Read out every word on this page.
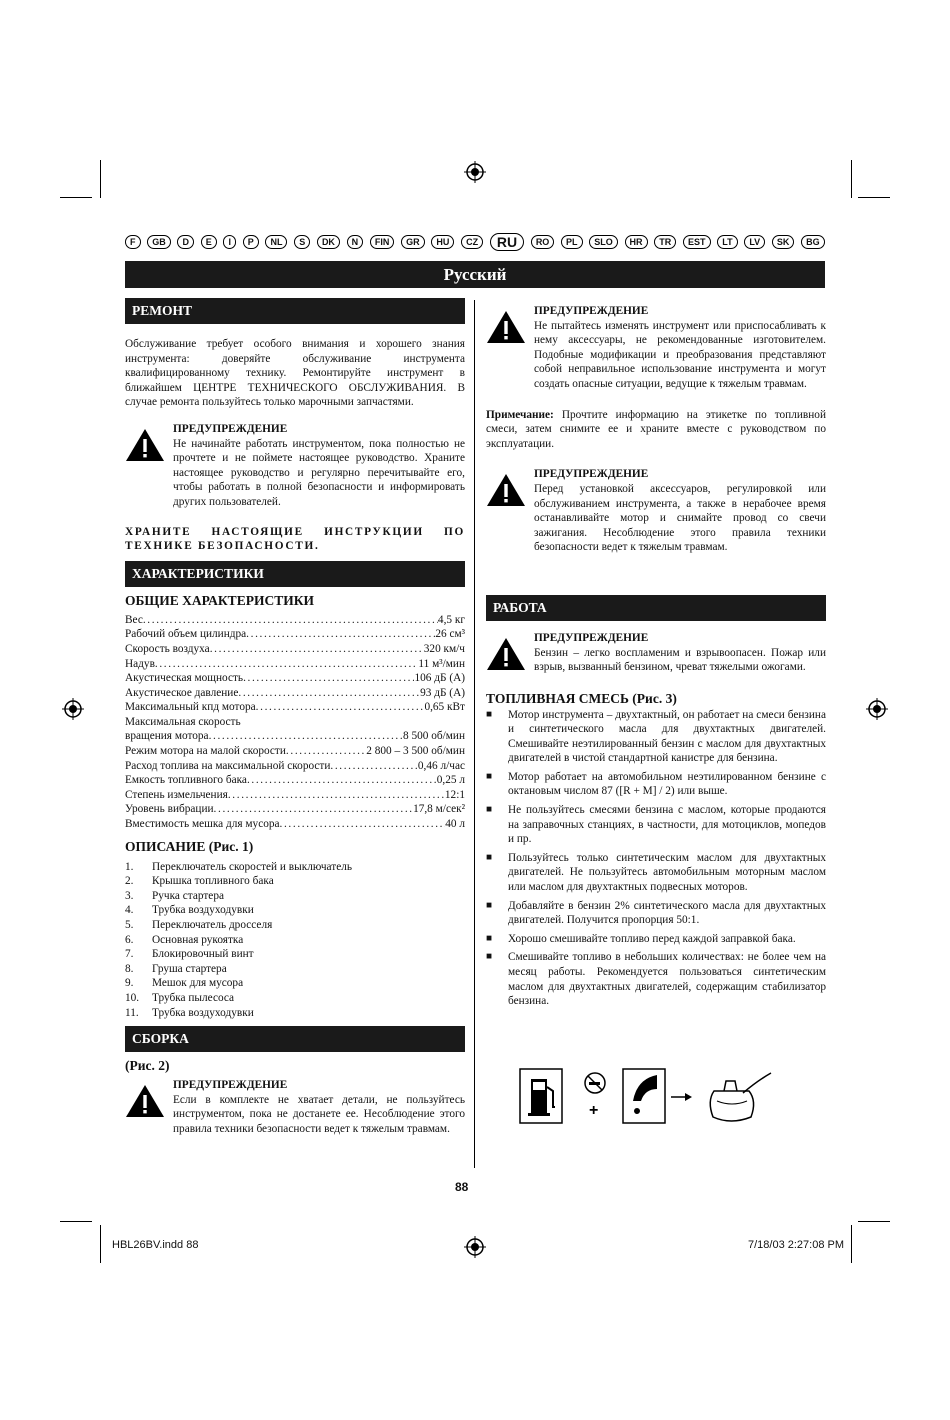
F	GB	D	E	I	P	NL	S	DK	N	FIN	GR	HU	CZ	RU	RO	PL	SLO	HR	TR	EST	LT	LV	SK	BG
Русский
РЕМОНТ

Обслуживание требует особого внимания и хорошего знания инструмента: доверяйте обслуживание инструмента квалифицированному технику. Ремонтируйте инструмент в ближайшем ЦЕНТРЕ ТЕХНИЧЕСКОГО ОБСЛУЖИВАНИЯ. В случае ремонта пользуйтесь только марочными запчастями.

ПРЕДУПРЕЖДЕНИЕ
Не начинайте работать инструментом, пока полностью не прочтете и не поймете настоящее руководство. Храните настоящее руководство и регулярно перечитывайте его, чтобы работать в полной безопасности и информировать других пользователей.

ХРАНИТЕ НАСТОЯЩИЕ ИНСТРУКЦИИ ПО ТЕХНИКЕ БЕЗОПАСНОСТИ.

ХАРАКТЕРИСТИКИ
ОБЩИЕ ХАРАКТЕРИСТИКИ
Вес . . .	4,5 кг
Рабочий объем цилиндра . . .	26 см³
Скорость воздуха . . .	320 км/ч
Надув . . .	11 м³/мин
Акустическая мощность . . .	106 дБ (A)
Акустическое давление . . .	93 дБ (A)
Максимальный кпд мотора . . .	0,65 кВт
Максимальная скорость
вращения мотора . . .	8 500 об/мин
Режим мотора на малой скорости . . .	2 800 – 3 500 об/мин
Расход топлива на максимальной скорости . . .	0,46 л/час
Емкость топливного бака . . .	0,25 л
Степень измельчения . . .	12:1
Уровень вибрации . . .	17,8 м/сек²
Вместимость мешка для мусора . . .	40 л
ОПИСАНИЕ (Рис. 1)
1.	Переключатель скоростей и выключатель
2.	Крышка топливного бака
3.	Ручка стартера
4.	Трубка воздуходувки
5.	Переключатель дросселя
6.	Основная рукоятка
7.	Блокировочный винт
8.	Груша стартера
9.	Мешок для мусора
10.	Трубка пылесоса
11.	Трубка воздуходувки
СБОРКА
(Рис. 2)
ПРЕДУПРЕЖДЕНИЕ
Если в комплекте не хватает детали, не пользуйтесь инструментом, пока не достанете ее. Несоблюдение этого правила техники безопасности ведет к тяжелым травмам.
ПРЕДУПРЕЖДЕНИЕ
Не пытайтесь изменять инструмент или приспосабливать к нему аксессуары, не рекомендованные изготовителем. Подобные модификации и преобразования представляют собой неправильное использование инструмента и могут создать опасные ситуации, ведущие к тяжелым травмам.

Примечание: Прочтите информацию на этикетке по топливной смеси, затем снимите ее и храните вместе с руководством по эксплуатации.

ПРЕДУПРЕЖДЕНИЕ
Перед установкой аксессуаров, регулировкой или обслуживанием инструмента, а также в нерабочее время останавливайте мотор и снимайте провод со свечи зажигания. Несоблюдение этого правила техники безопасности ведет к тяжелым травмам.
РАБОТА
ПРЕДУПРЕЖДЕНИЕ
Бензин – легко воспламеним и взрывоопасен. Пожар или взрыв, вызванный бензином, чреват тяжелыми ожогами.
ТОПЛИВНАЯ СМЕСЬ (Рис. 3)
■	Мотор инструмента – двухтактный, он работает на смеси бензина и синтетического масла для двухтактных двигателей. Смешивайте неэтилированный бензин с маслом для двухтактных двигателей в чистой стандартной канистре для бензина.
■	Мотор работает на автомобильном неэтилированном бензине с октановым числом 87 ([R + M] / 2) или выше.
■	Не пользуйтесь смесями бензина с маслом, которые продаются на заправочных станциях, в частности, для мотоциклов, мопедов и пр.
■	Пользуйтесь только синтетическим маслом для двухтактных двигателей. Не пользуйтесь автомобильным моторным маслом или маслом для двухтактных подвесных моторов.
■	Добавляйте в бензин 2% синтетического масла для двухтактных двигателей. Получится пропорция 50:1.
■	Хорошо смешивайте топливо перед каждой заправкой бака.
■	Смешивайте топливо в небольших количествах: не более чем на месяц работы. Рекомендуется пользоваться синтетическим маслом для двухтактных двигателей, содержащим стабилизатор бензина.
+
88
HBL26BV.indd 88	7/18/03 2:27:08 PM
